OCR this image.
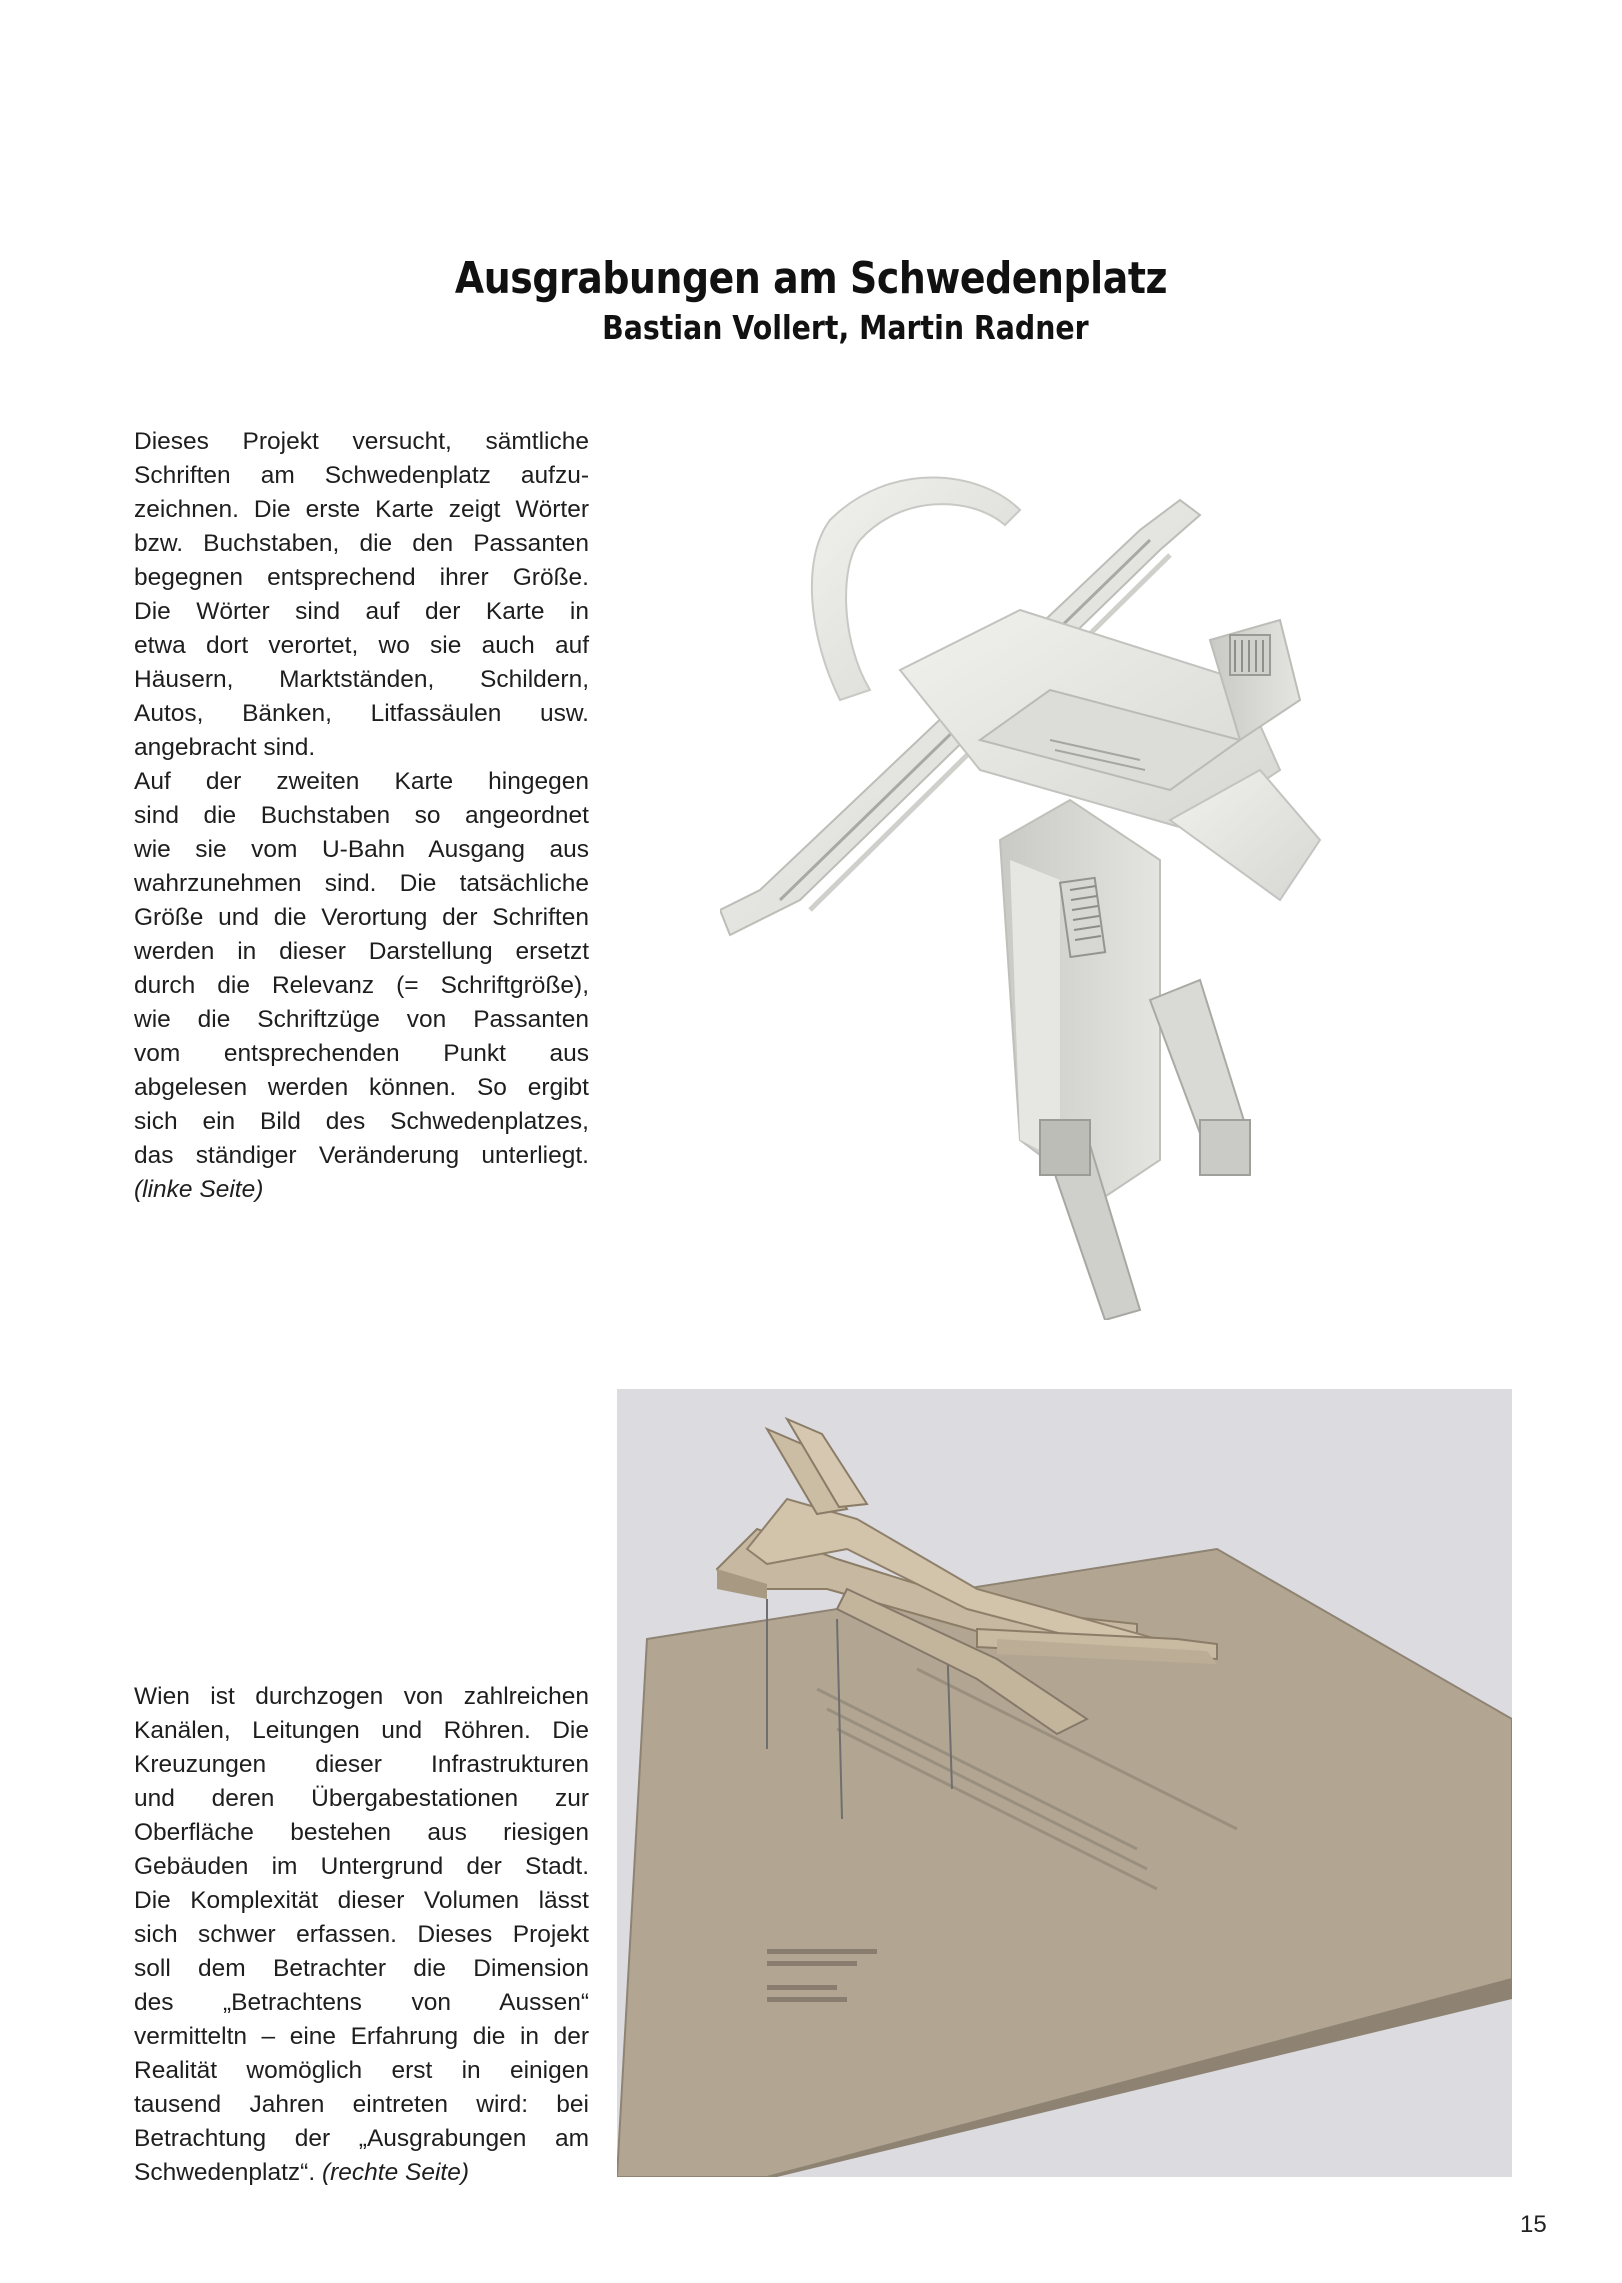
Ausgrabungen am Schwedenplatz
Bastian Vollert, Martin Radner
Dieses Projekt versucht, sämtliche
Schriften am Schwedenplatz aufzu-
zeichnen. Die erste Karte zeigt Wörter
bzw. Buchstaben, die den Passanten
begegnen entsprechend ihrer Größe.
Die Wörter sind auf der Karte in
etwa dort verortet, wo sie auch auf
Häusern, Marktständen, Schildern,
Autos, Bänken, Litfassäulen usw.
angebracht sind.
Auf der zweiten Karte hingegen
sind die Buchstaben so angeordnet
wie sie vom U-Bahn Ausgang aus
wahrzunehmen sind. Die tatsächliche
Größe und die Verortung der Schriften
werden in dieser Darstellung ersetzt
durch die Relevanz (= Schriftgröße),
wie die Schriftzüge von Passanten
vom entsprechenden Punkt aus
abgelesen werden können. So ergibt
sich ein Bild des Schwedenplatzes,
das ständiger Veränderung unterliegt.
(linke Seite)
Wien ist durchzogen von zahlreichen
Kanälen, Leitungen und Röhren. Die
Kreuzungen dieser Infrastrukturen
und deren Übergabestationen zur
Oberfläche bestehen aus riesigen
Gebäuden im Untergrund der Stadt.
Die Komplexität dieser Volumen lässt
sich schwer erfassen. Dieses Projekt
soll dem Betrachter die Dimension
des „Betrachtens von Aussen“
vermitteltn – eine Erfahrung die in der
Realität womöglich erst in einigen
tausend Jahren eintreten wird: bei
Betrachtung der „Ausgrabungen am
Schwedenplatz“. (rechte Seite)
15
